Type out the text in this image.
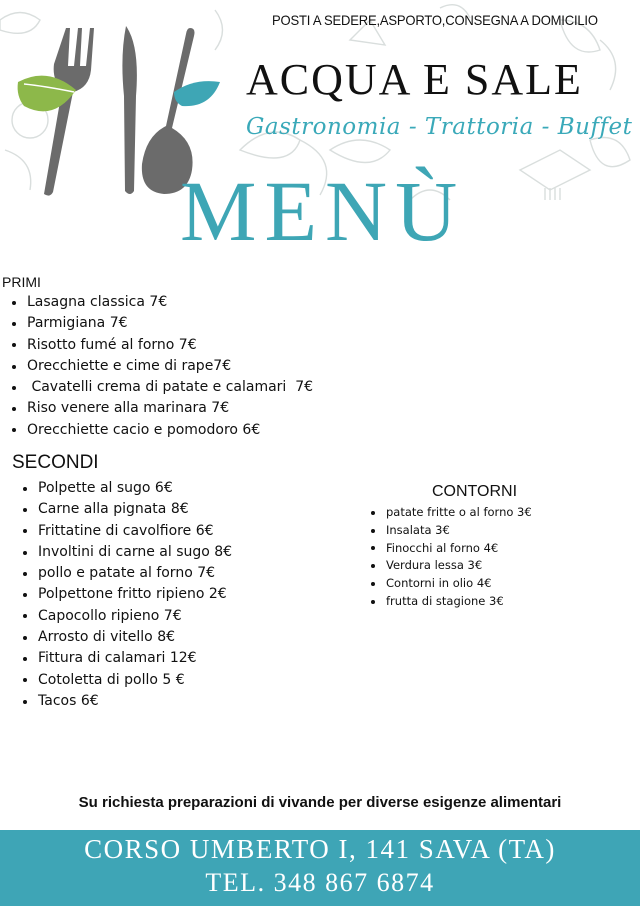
POSTI A SEDERE,ASPORTO,CONSEGNA A DOMICILIO
ACQUA E SALE
Gastronomia - Trattoria - Buffet
MENÙ
PRIMI
Lasagna classica 7€
Parmigiana 7€
Risotto fumé al forno 7€
Orecchiette e cime di rape7€
Cavatelli crema di patate e calamari  7€
Riso venere alla marinara 7€
Orecchiette cacio e pomodoro 6€
SECONDI
Polpette al sugo 6€
Carne alla pignata 8€
Frittatine di cavolfiore 6€
Involtini di carne al sugo 8€
pollo e patate al forno 7€
Polpettone fritto ripieno 2€
Capocollo ripieno 7€
Arrosto di vitello 8€
Fittura di calamari 12€
Cotoletta di pollo 5 €
Tacos 6€
CONTORNI
patate fritte o al forno 3€
Insalata 3€
Finocchi al forno 4€
Verdura lessa 3€
Contorni in olio 4€
frutta di stagione 3€
Su richiesta preparazioni di vivande per diverse esigenze alimentari
CORSO UMBERTO I, 141 SAVA (TA)
TEL. 348 867 6874
